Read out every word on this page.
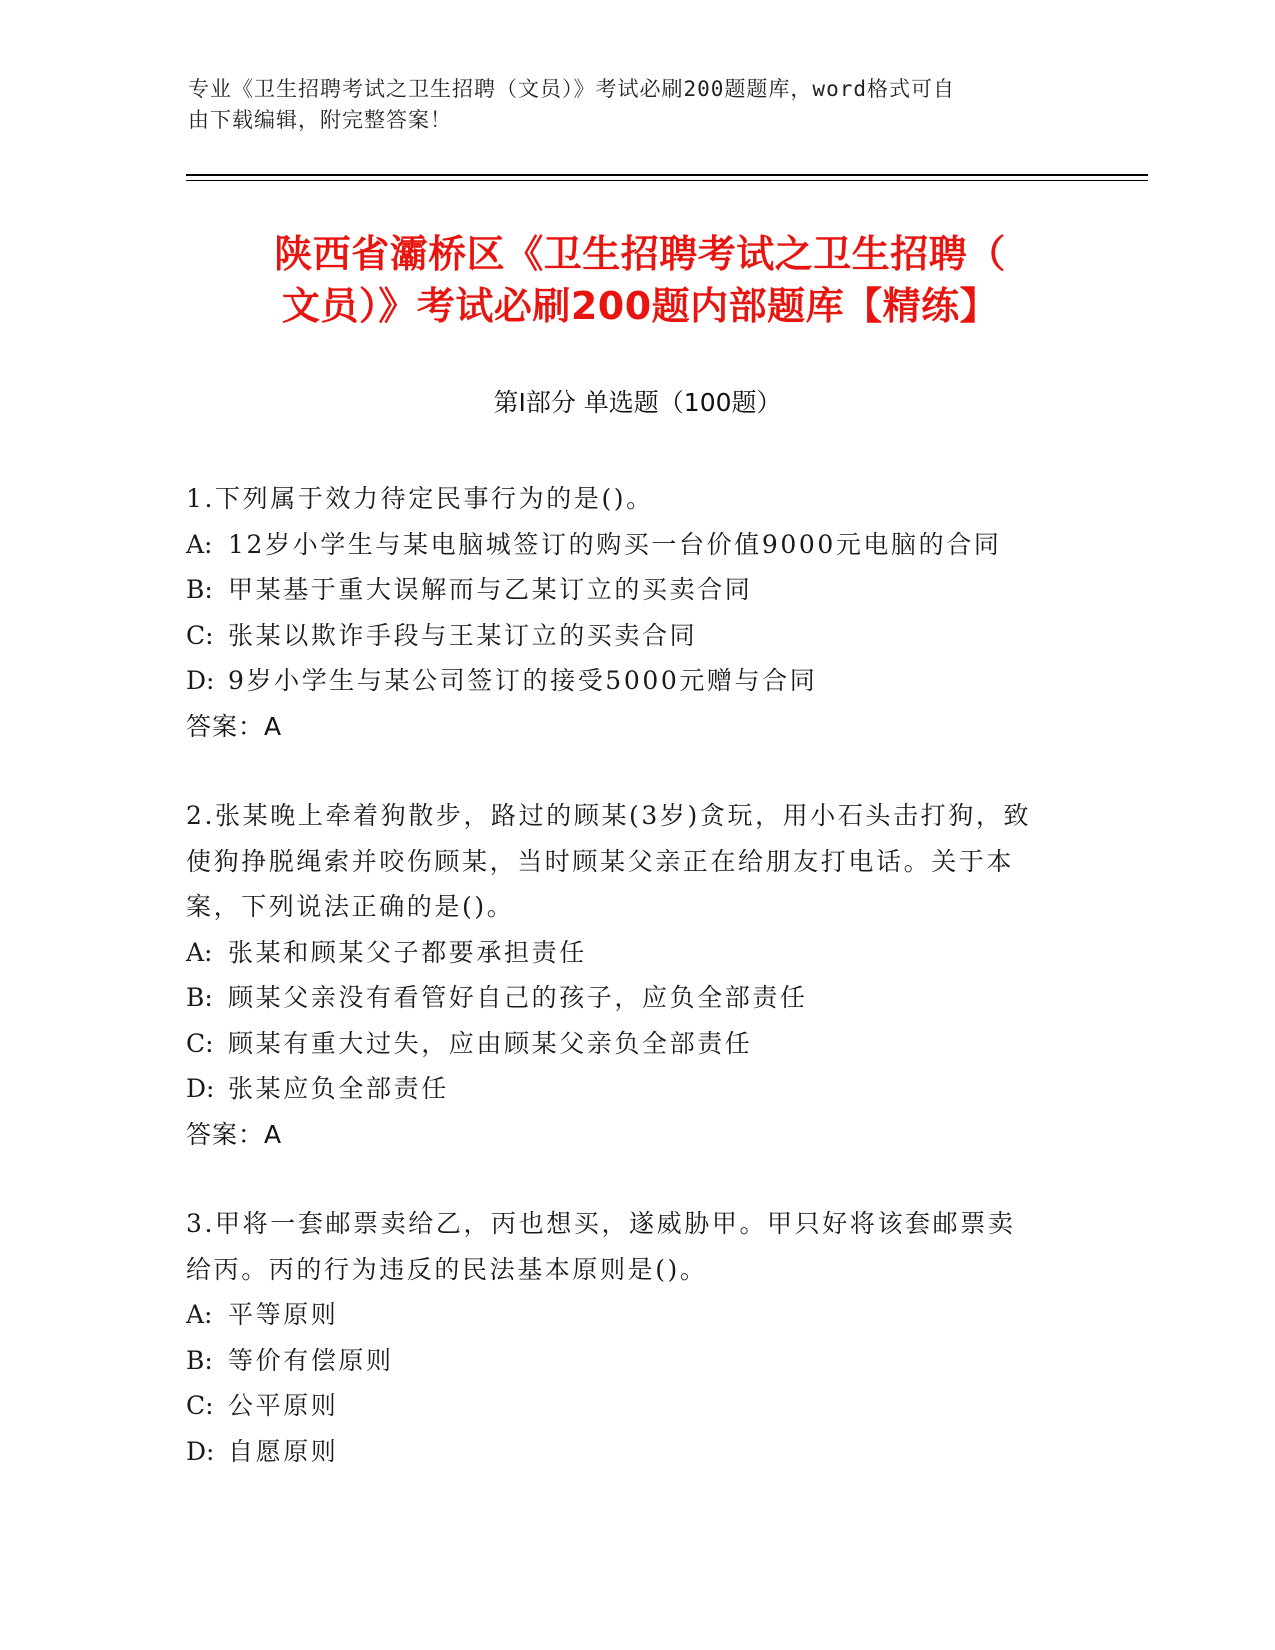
专业《卫生招聘考试之卫生招聘（文员）》考试必刷200题题库，word格式可自
由下载编辑，附完整答案！
陕西省灞桥区《卫生招聘考试之卫生招聘（
文员）》考试必刷200题内部题库【精练】
第Ⅰ部分 单选题（100题）
1.下列属于效力待定民事行为的是()。
A: 12岁小学生与某电脑城签订的购买一台价值9000元电脑的合同
B: 甲某基于重大误解而与乙某订立的买卖合同
C: 张某以欺诈手段与王某订立的买卖合同
D: 9岁小学生与某公司签订的接受5000元赠与合同
答案：A
2.张某晚上牵着狗散步，路过的顾某(3岁)贪玩，用小石头击打狗，致
使狗挣脱绳索并咬伤顾某，当时顾某父亲正在给朋友打电话。关于本
案，下列说法正确的是()。
A: 张某和顾某父子都要承担责任
B: 顾某父亲没有看管好自己的孩子，应负全部责任
C: 顾某有重大过失，应由顾某父亲负全部责任
D: 张某应负全部责任
答案：A
3.甲将一套邮票卖给乙，丙也想买，遂威胁甲。甲只好将该套邮票卖
给丙。丙的行为违反的民法基本原则是()。
A: 平等原则
B: 等价有偿原则
C: 公平原则
D: 自愿原则
